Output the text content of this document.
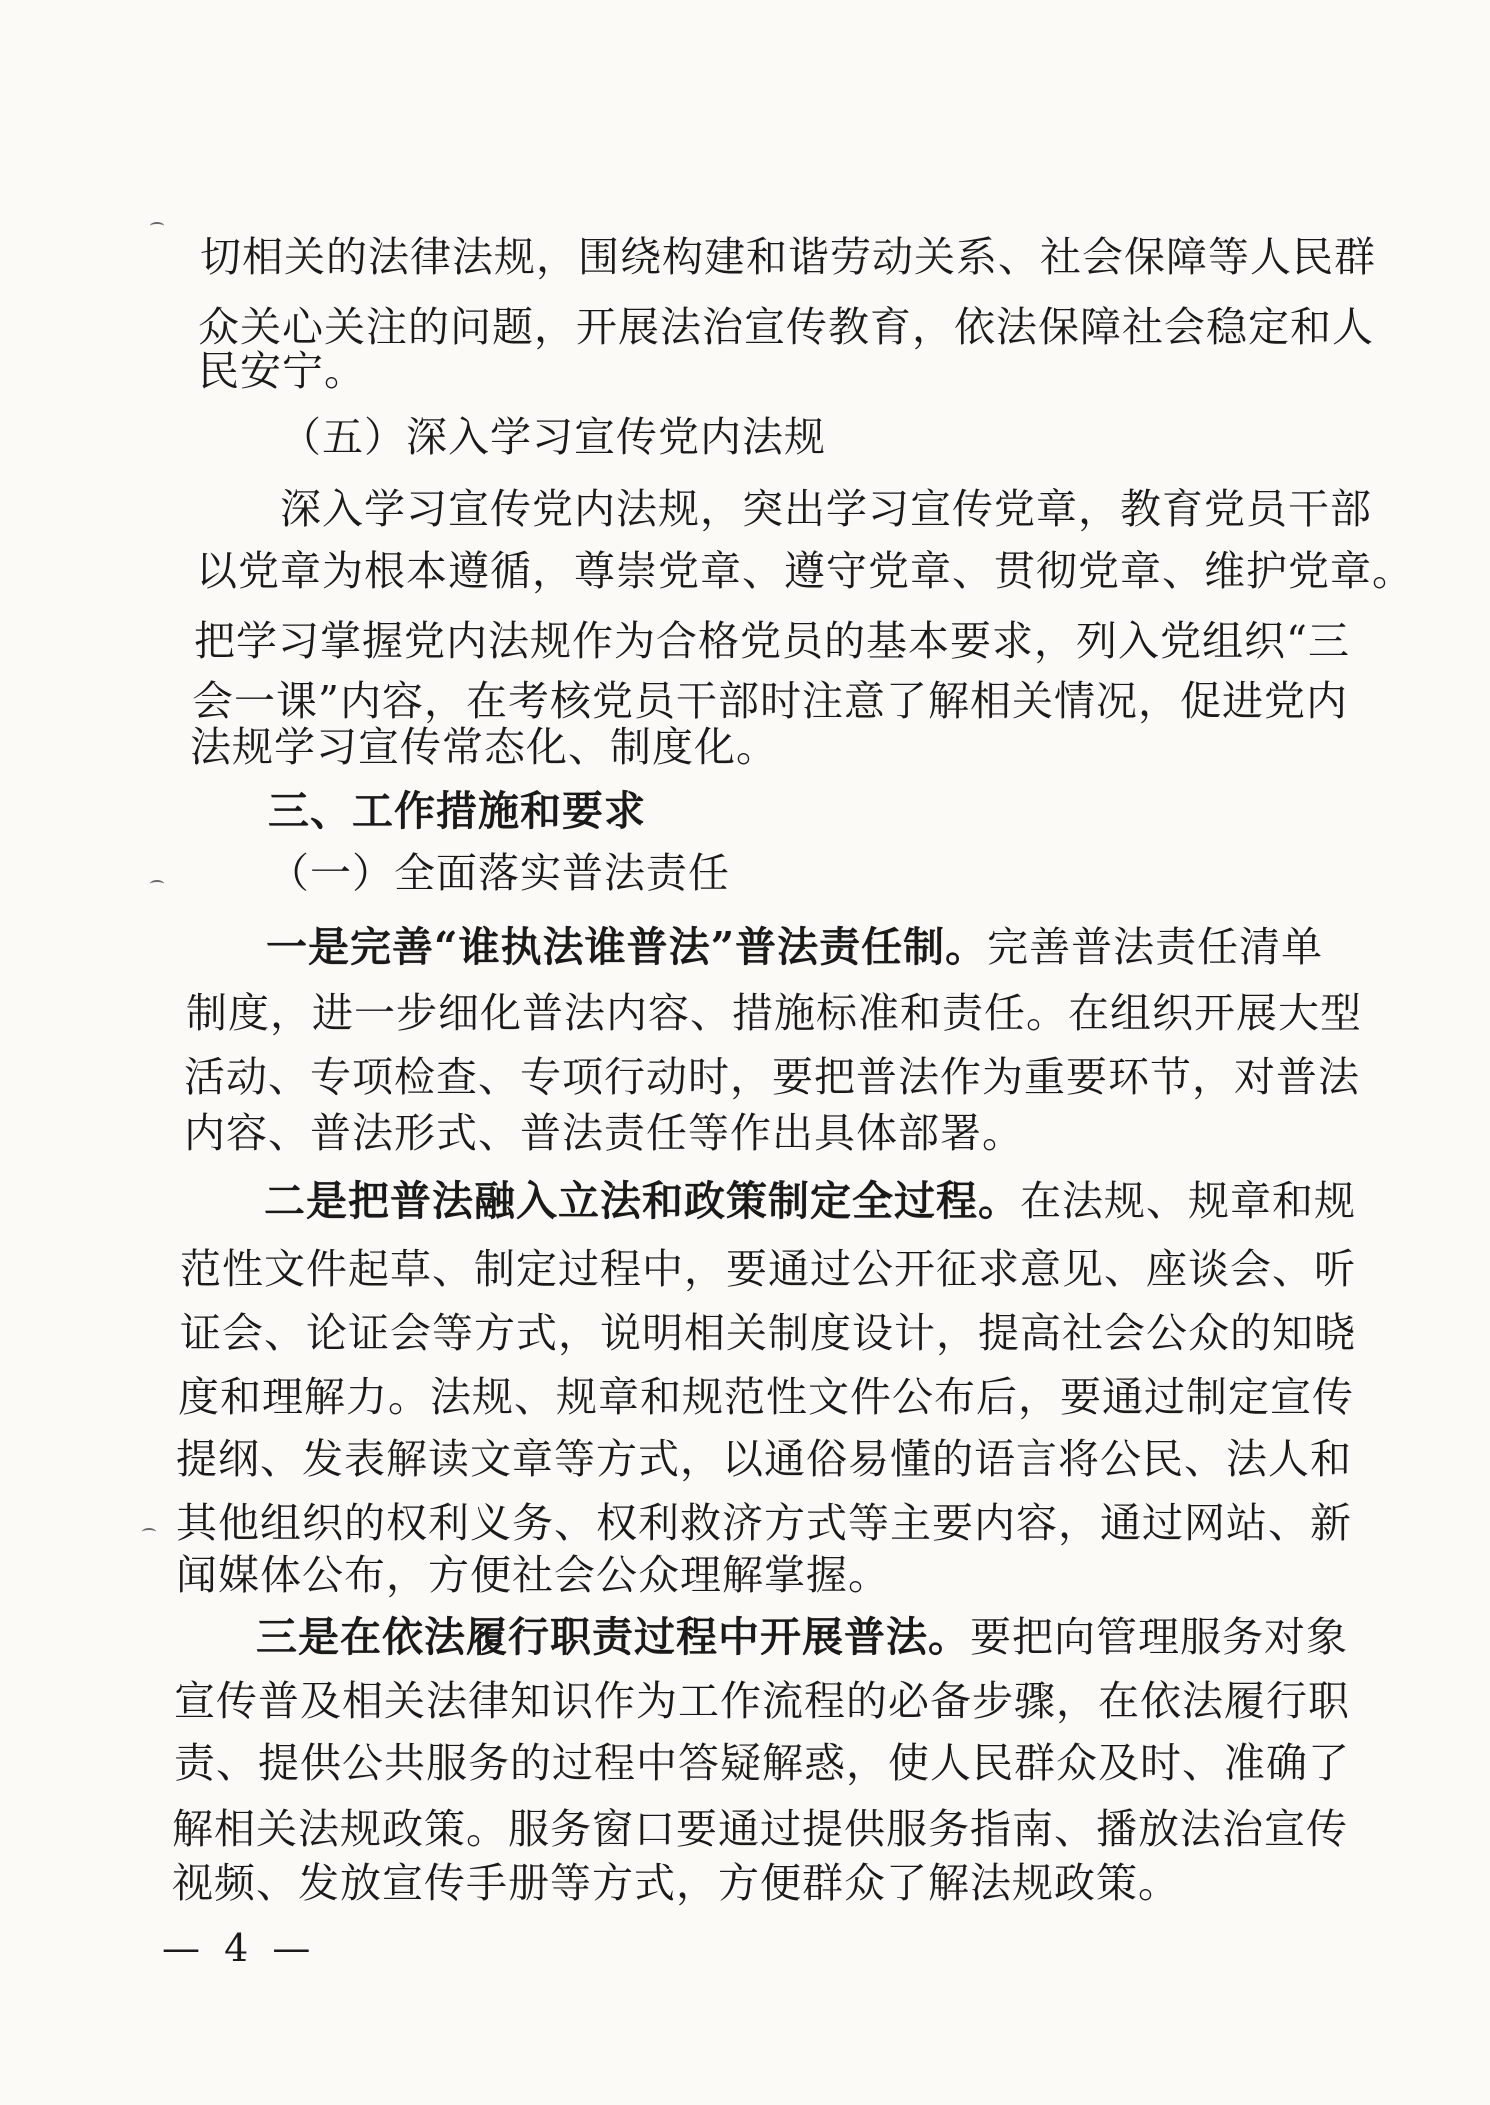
切相关的法律法规，围绕构建和谐劳动关系、社会保障等人民群
众关心关注的问题，开展法治宣传教育，依法保障社会稳定和人
民安宁。
（五）深入学习宣传党内法规
深入学习宣传党内法规，突出学习宣传党章，教育党员干部
以党章为根本遵循，尊崇党章、遵守党章、贯彻党章、维护党章。
把学习掌握党内法规作为合格党员的基本要求，列入党组织“三
会一课”内容，在考核党员干部时注意了解相关情况，促进党内
法规学习宣传常态化、制度化。
三、工作措施和要求
（一）全面落实普法责任
一是完善“谁执法谁普法”普法责任制。完善普法责任清单
制度，进一步细化普法内容、措施标准和责任。在组织开展大型
活动、专项检查、专项行动时，要把普法作为重要环节，对普法
内容、普法形式、普法责任等作出具体部署。
二是把普法融入立法和政策制定全过程。在法规、规章和规
范性文件起草、制定过程中，要通过公开征求意见、座谈会、听
证会、论证会等方式，说明相关制度设计，提高社会公众的知晓
度和理解力。法规、规章和规范性文件公布后，要通过制定宣传
提纲、发表解读文章等方式，以通俗易懂的语言将公民、法人和
其他组织的权利义务、权利救济方式等主要内容，通过网站、新
闻媒体公布，方便社会公众理解掌握。
三是在依法履行职责过程中开展普法。要把向管理服务对象
宣传普及相关法律知识作为工作流程的必备步骤，在依法履行职
责、提供公共服务的过程中答疑解惑，使人民群众及时、准确了
解相关法规政策。服务窗口要通过提供服务指南、播放法治宣传
视频、发放宣传手册等方式，方便群众了解法规政策。
— 4 —
